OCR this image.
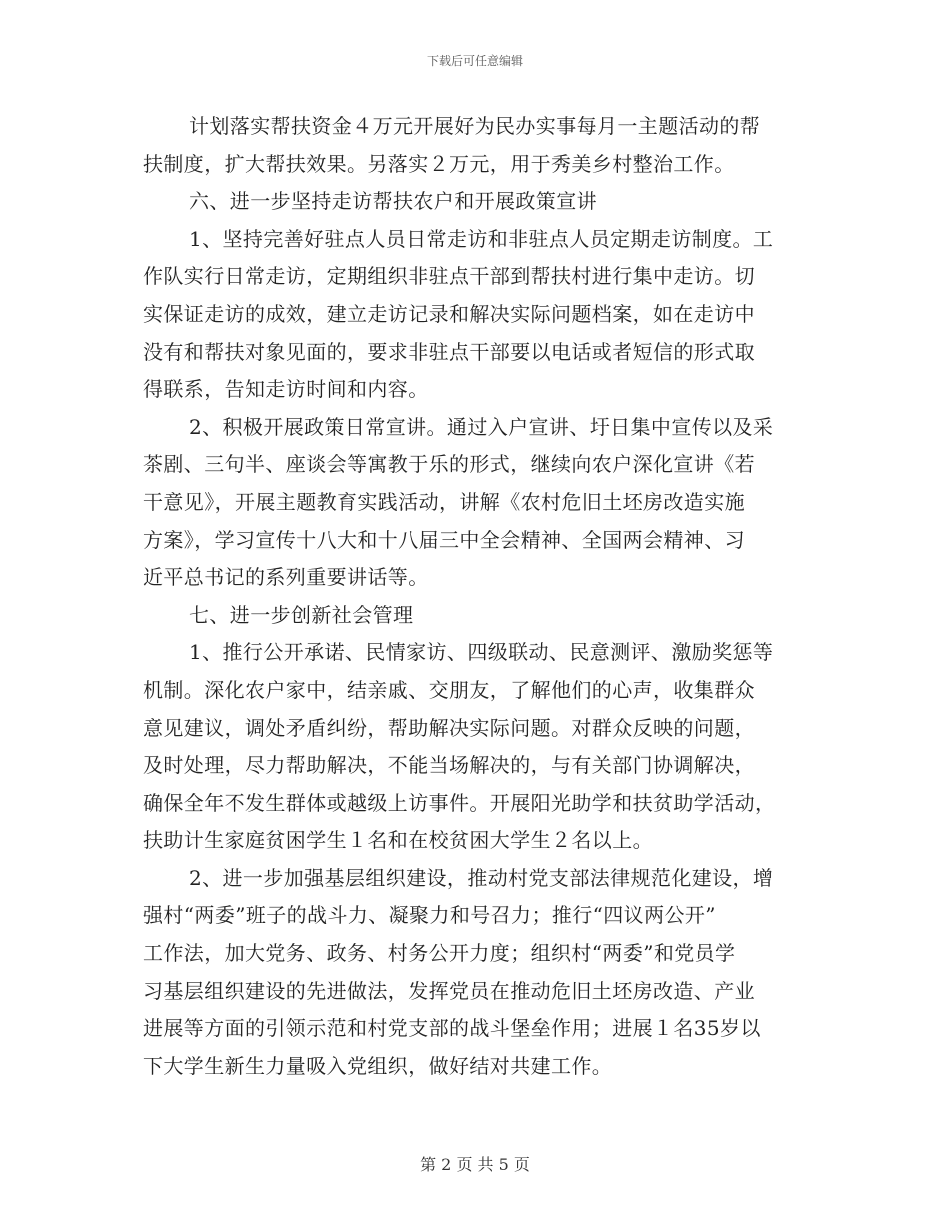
下载后可任意编辑
计划落实帮扶资金４万元开展好为民办实事每月一主题活动的帮
扶制度，扩大帮扶效果。另落实２万元，用于秀美乡村整治工作。
六、进一步坚持走访帮扶农户和开展政策宣讲
1、坚持完善好驻点人员日常走访和非驻点人员定期走访制度。工
作队实行日常走访，定期组织非驻点干部到帮扶村进行集中走访。切
实保证走访的成效，建立走访记录和解决实际问题档案，如在走访中
没有和帮扶对象见面的，要求非驻点干部要以电话或者短信的形式取
得联系，告知走访时间和内容。
2、积极开展政策日常宣讲。通过入户宣讲、圩日集中宣传以及采
茶剧、三句半、座谈会等寓教于乐的形式，继续向农户深化宣讲《若
干意见》，开展主题教育实践活动，讲解《农村危旧土坯房改造实施
方案》，学习宣传十八大和十八届三中全会精神、全国两会精神、习
近平总书记的系列重要讲话等。
七、进一步创新社会管理
1、推行公开承诺、民情家访、四级联动、民意测评、激励奖惩等
机制。深化农户家中，结亲戚、交朋友，了解他们的心声，收集群众
意见建议，调处矛盾纠纷，帮助解决实际问题。对群众反映的问题，
及时处理，尽力帮助解决，不能当场解决的，与有关部门协调解决，
确保全年不发生群体或越级上访事件。开展阳光助学和扶贫助学活动，
扶助计生家庭贫困学生１名和在校贫困大学生２名以上。
2、进一步加强基层组织建设，推动村党支部法律规范化建设，增
强村“两委”班子的战斗力、凝聚力和号召力；推行“四议两公开”
工作法，加大党务、政务、村务公开力度；组织村“两委”和党员学
习基层组织建设的先进做法，发挥党员在推动危旧土坯房改造、产业
进展等方面的引领示范和村党支部的战斗堡垒作用；进展１名35岁以
下大学生新生力量吸入党组织，做好结对共建工作。
第 2 页 共 5 页
